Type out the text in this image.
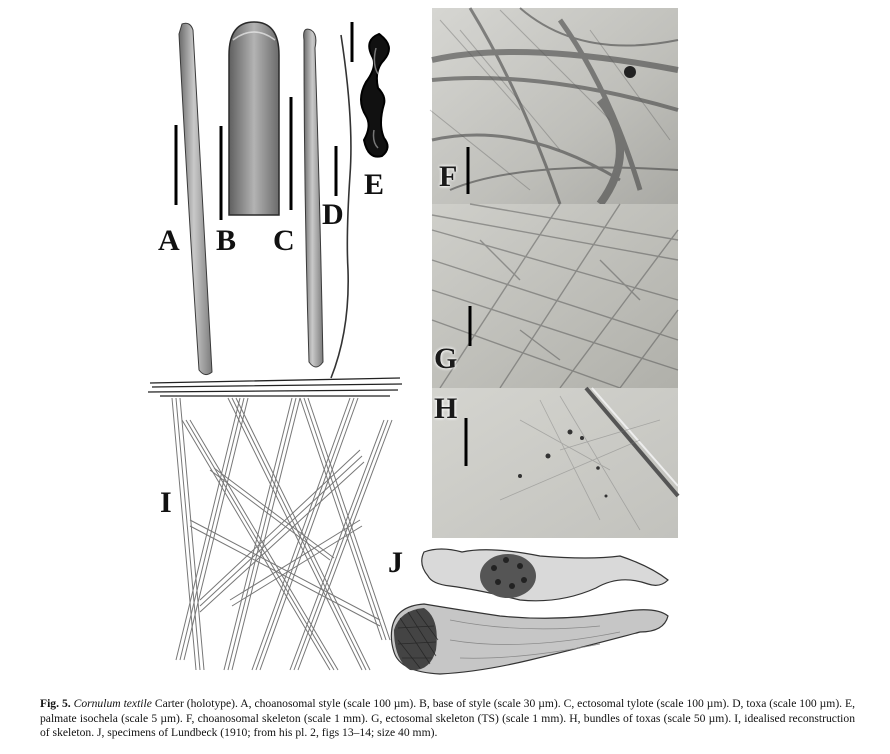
A B C
D
E F
G
H
I
J
Fig. 5. Cornulum textile Carter (holotype). A, choanosomal style (scale 100 µm). B, base of style (scale 30 µm). C, ectosomal tylote (scale 100 µm). D, toxa (scale 100 µm). E, palmate isochela (scale 5 µm). F, choanosomal skeleton (scale 1 mm). G, ectosomal skeleton (TS) (scale 1 mm). H, bundles of toxas (scale 50 µm). I, idealised reconstruction of skeleton. J, specimens of Lundbeck (1910; from his pl. 2, figs 13–14; size 40 mm).
